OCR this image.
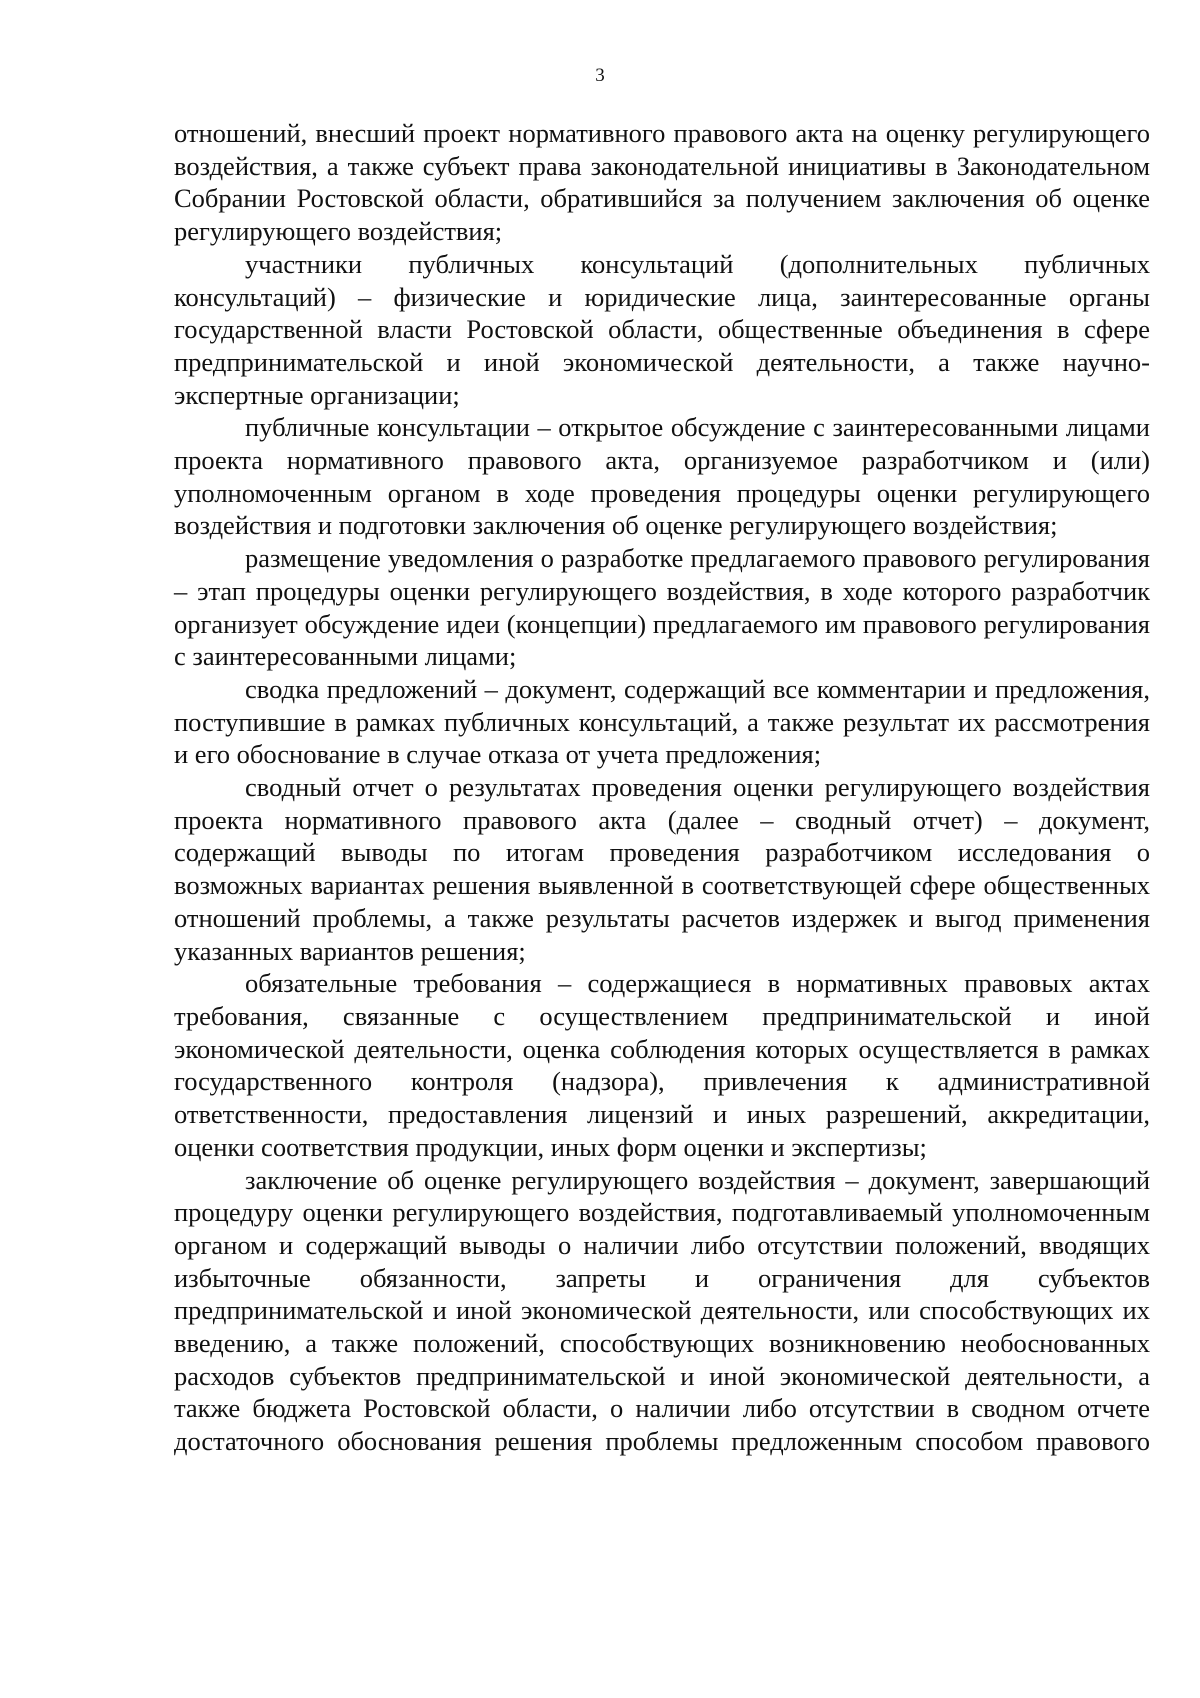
3

отношений, внесший проект нормативного правового акта на оценку регулирующего воздействия, а также субъект права законодательной инициативы в Законодательном Собрании Ростовской области, обратившийся за получением заключения об оценке регулирующего воздействия;

участники публичных консультаций (дополнительных публичных консультаций) – физические и юридические лица, заинтересованные органы государственной власти Ростовской области, общественные объединения в сфере предпринимательской и иной экономической деятельности, а также научно-экспертные организации;

публичные консультации – открытое обсуждение с заинтересованными лицами проекта нормативного правового акта, организуемое разработчиком и (или) уполномоченным органом в ходе проведения процедуры оценки регулирующего воздействия и подготовки заключения об оценке регулирующего воздействия;

размещение уведомления о разработке предлагаемого правового регулирования – этап процедуры оценки регулирующего воздействия, в ходе которого разработчик организует обсуждение идеи (концепции) предлагаемого им правового регулирования с заинтересованными лицами;

сводка предложений – документ, содержащий все комментарии и предложения, поступившие в рамках публичных консультаций, а также результат их рассмотрения и его обоснование в случае отказа от учета предложения;

сводный отчет о результатах проведения оценки регулирующего воздействия проекта нормативного правового акта (далее – сводный отчет) – документ, содержащий выводы по итогам проведения разработчиком исследования о возможных вариантах решения выявленной в соответствующей сфере общественных отношений проблемы, а также результаты расчетов издержек и выгод применения указанных вариантов решения;

обязательные требования – содержащиеся в нормативных правовых актах требования, связанные с осуществлением предпринимательской и иной экономической деятельности, оценка соблюдения которых осуществляется в рамках государственного контроля (надзора), привлечения к административной ответственности, предоставления лицензий и иных разрешений, аккредитации, оценки соответствия продукции, иных форм оценки и экспертизы;

заключение об оценке регулирующего воздействия – документ, завершающий процедуру оценки регулирующего воздействия, подготавливаемый уполномоченным органом и содержащий выводы о наличии либо отсутствии положений, вводящих избыточные обязанности, запреты и ограничения для субъектов предпринимательской и иной экономической деятельности, или способствующих их введению, а также положений, способствующих возникновению необоснованных расходов субъектов предпринимательской и иной экономической деятельности, а также бюджета Ростовской области, о наличии либо отсутствии в сводном отчете достаточного обоснования решения проблемы предложенным способом правового
